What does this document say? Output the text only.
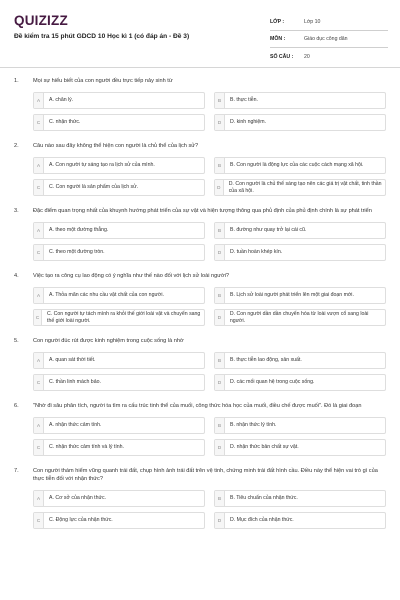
QUIZIZZ
Đề kiểm tra 15 phút GDCD 10 Học kì 1 (có đáp án - Đề 3)
LỚP :	Lớp 10
MÔN :	Giáo dục công dân
SỐ CÂU :	20
1.	Mọi sự hiểu biết của con người đều trực tiếp nảy sinh từ
A	A. chân lý.	B	B. thực tiễn.
C	C. nhận thức.	D	D. kinh nghiệm.
2.	Câu nào sau đây không thể hiện con người là chủ thể của lịch sử?
A	A. Con người tự sáng tạo ra lịch sử của mình.	B	B. Con người là động lực của các cuộc cách mạng xã hội.
C	C. Con người là sản phẩm của lịch sử.	D
D. Con người là chủ thể sáng tạo nên các giá trị vật chất, tinh thần của xã hội.
3.	Đặc điểm quan trọng nhất của khuynh hướng phát triển của sự vật và hiện tượng thông qua phủ định của phủ định chính là sự phát triển
A	A. theo một đường thẳng.	B	B. đường như quay trở lại cái cũ.
C	C. theo một đường tròn.	D	D. tuần hoàn khép kín.
4.	Việc tạo ra công cụ lao động có ý nghĩa như thế nào đối với lịch sử loài người?
A	A. Thỏa mãn các nhu cầu vật chất của con người.	B	B. Lịch sử loài người phát triển lên một giai đoạn mới.
C
C. Con người tự tách mình ra khỏi thế giới loài vật và chuyển sang thế giới loài người.	D
D. Con người dần dần chuyển hóa từ loài vượn cổ sang loài người.
5.	Con người đúc rút được kinh nghiệm trong cuộc sống là nhờ
A	A. quan sát thời tiết.	B	B. thực tiễn lao động, sản xuất.
C	C. thần linh mách bảo.	D	D. các mối quan hệ trong cuộc sống.
6.	"Nhờ đi sâu phân tích, người ta tìm ra cấu trúc tinh thể của muối, công thức hóa học của muối, điều chế được muối". Đó là giai đoạn
A	A. nhận thức cảm tính.	B	B. nhận thức lý tính.
C	C. nhận thức cảm tính và lý tính.	D	D. nhận thức bản chất sự vật.
7.	Con người thám hiểm vũng quanh trái đất, chụp hình ảnh trái đất trên vệ tinh, chứng minh trái đất hình cầu. Điều này thể hiện vai trò gì của thực tiễn đối với nhận thức?
A	A. Cơ sở của nhận thức.	B	B. Tiêu chuẩn của nhận thức.
C	C. Động lực của nhận thức.	D	D. Mục đích của nhận thức.
